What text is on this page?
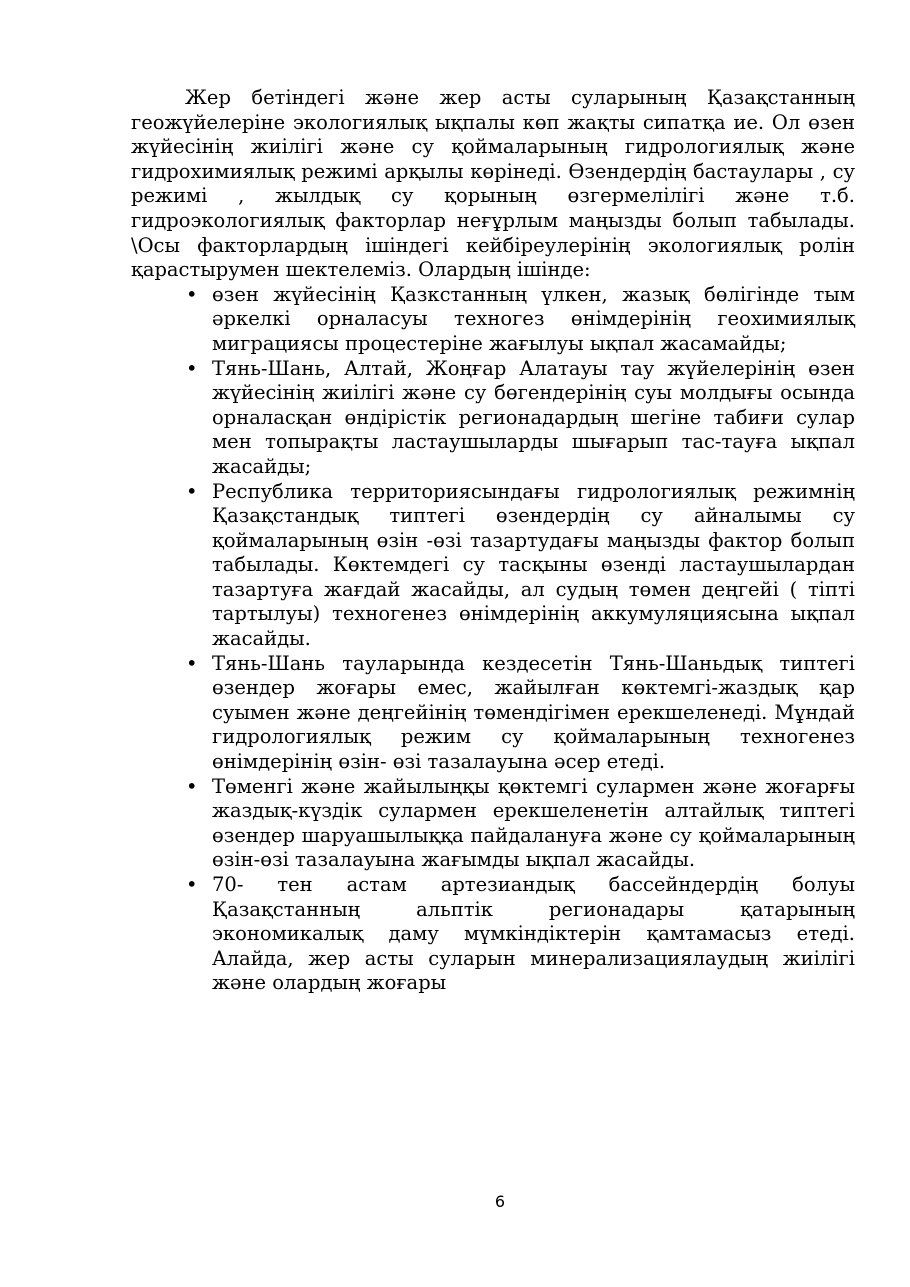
Жер бетіндегі және жер асты суларының Қазақстанның геожүйелеріне экологиялық ықпалы көп жақты сипатқа ие. Ол өзен жүйесінің жиілігі және су қоймаларының гидрологиялық және гидрохимиялық режимі арқылы көрінеді. Өзендердің бастаулары , су режимі , жылдық су қорының өзгермелілігі және т.б. гидроэкологиялық факторлар неғұрлым маңызды болып табылады. \Осы факторлардың ішіндегі кейбіреулерінің экологиялық ролін қарастырумен шектелеміз. Олардың ішінде:

• өзен жүйесінің Қазкстанның үлкен, жазық бөлігінде тым әркелкі орналасуы техногез өнімдерінің геохимиялық миграциясы процестеріне жағылуы ықпал жасамайды;
• Тянь-Шань, Алтай, Жоңғар Алатауы тау жүйелерінің өзен жүйесінің жиілігі және су бөгендерінің суы молдығы осында орналасқан өндірістік регионадардың шегіне табиғи сулар мен топырақты ластаушыларды шығарып тас-тауға ықпал жасайды;
• Республика территориясындағы гидрологиялық режимнің Қазақстандық типтегі өзендердің су айналымы су қоймаларының өзін -өзі тазартудағы маңызды фактор болып табылады. Көктемдегі су тасқыны өзенді ластаушылардан тазартуға жағдай жасайды, ал судың төмен деңгейі ( тіпті тартылуы) техногенез өнімдерінің аккумуляциясына ықпал жасайды.
• Тянь-Шань тауларында кездесетін Тянь-Шаньдық типтегі өзендер жоғары емес, жайылған көктемгі-жаздық қар суымен және деңгейінің төмендігімен ерекшеленеді. Мұндай гидрологиялық режим су қоймаларының техногенез өнімдерінің өзін- өзі тазалауына әсер етеді.
• Төменгі және жайылыңқы қөктемгі сулармен және жоғарғы жаздық-күздік сулармен ерекшеленетін алтайлық типтегі өзендер шаруашылыққа пайдалануға және су қоймаларының өзін-өзі тазалауына жағымды ықпал жасайды.
• 70- тен астам артезиандық бассейндердің болуы Қазақстанның альптік регионадары қатарының экономикалық даму мүмкіндіктерін қамтамасыз етеді. Алайда, жер асты суларын минерализациялаудың жиілігі және олардың жоғары
6
